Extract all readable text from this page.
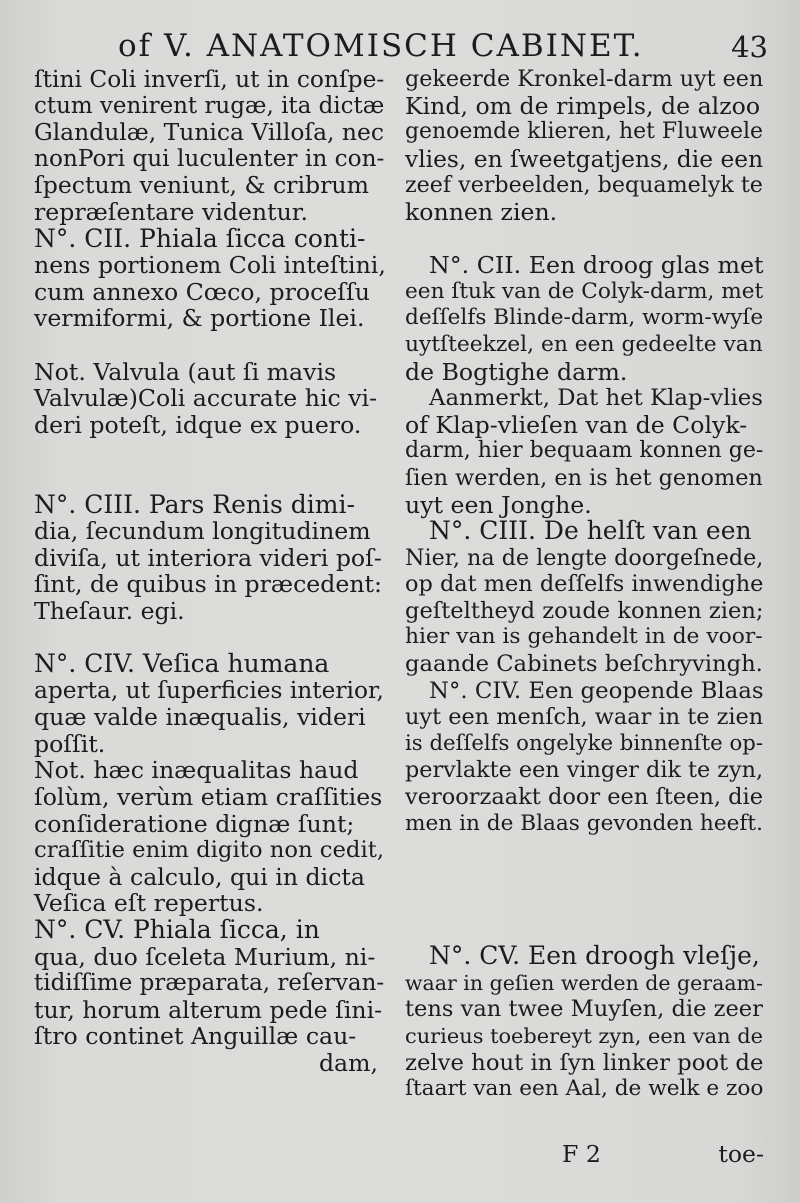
of V. ANATOMISCH CABINET.	43

ſtini Coli inverſi, ut in conſpe-

ctum venirent rugæ, ita dictæ

Glandulæ, Tunica Villoſa, nec

nonPori qui luculenter in con-

ſpectum veniunt, & cribrum

repræſentare videntur.

N°. CII. Phiala ſicca conti-

nens portionem Coli inteſtini,

cum annexo Cœco, proceſſu

vermiformi, & portione Ilei.

Not. Valvula (aut ſi mavis

Valvulæ)Coli accurate hic vi-

deri poteſt, idque ex puero.

N°. CIII. Pars Renis dimi-

dia, ſecundum longitudinem

diviſa, ut interiora videri poſ-

ſint, de quibus in præcedent:

Theſaur. egi.

N°. CIV. Veſica humana

aperta, ut ſuperficies interior,

quæ valde inæqualis, videri

poſſit.

Not. hæc inæqualitas haud

ſolùm, verùm etiam craſſities

conſideratione dignæ ſunt;

craſſitie enim digito non cedit,

idque à calculo, qui in dicta

Veſica eſt repertus.

N°. CV. Phiala ſicca, in

qua, duo ſceleta Murium, ni-

tidiſſime præparata, reſervan-

tur, horum alterum pede ſini-

ſtro continet Anguillæ cau-

dam,

gekeerde Kronkel-darm uyt een

Kind, om de rimpels, de alzoo

genoemde klieren, het Fluweele

vlies, en ſweetgatjens, die een

zeef verbeelden, bequamelyk te

konnen zien.

N°. CII. Een droog glas met

een ſtuk van de Colyk-darm, met

deſſelfs Blinde-darm, worm-wyſe

uytſteekzel, en een gedeelte van

de Bogtighe darm.

Aanmerkt, Dat het Klap-vlies

of Klap-vlieſen van de Colyk-

darm, hier bequaam konnen ge-

ſien werden, en is het genomen

uyt een Jonghe.

N°. CIII. De helſt van een

Nier, na de lengte doorgeſnede,

op dat men deſſelfs inwendighe

geſteltheyd zoude konnen zien;

hier van is gehandelt in de voor-

gaande Cabinets beſchryvingh.

N°. CIV. Een geopende Blaas

uyt een menſch, waar in te zien

is deſſelfs ongelyke binnenſte op-

pervlakte een vinger dik te zyn,

veroorzaakt door een ſteen, die

men in de Blaas gevonden heeft.

N°. CV. Een droogh vleſje,

waar in geſien werden de geraam-

tens van twee Muyſen, die zeer

curieus toebereyt zyn, een van de

zelve hout in ſyn linker poot de

ſtaart van een Aal, de welk e zoo

F 2	toe-
